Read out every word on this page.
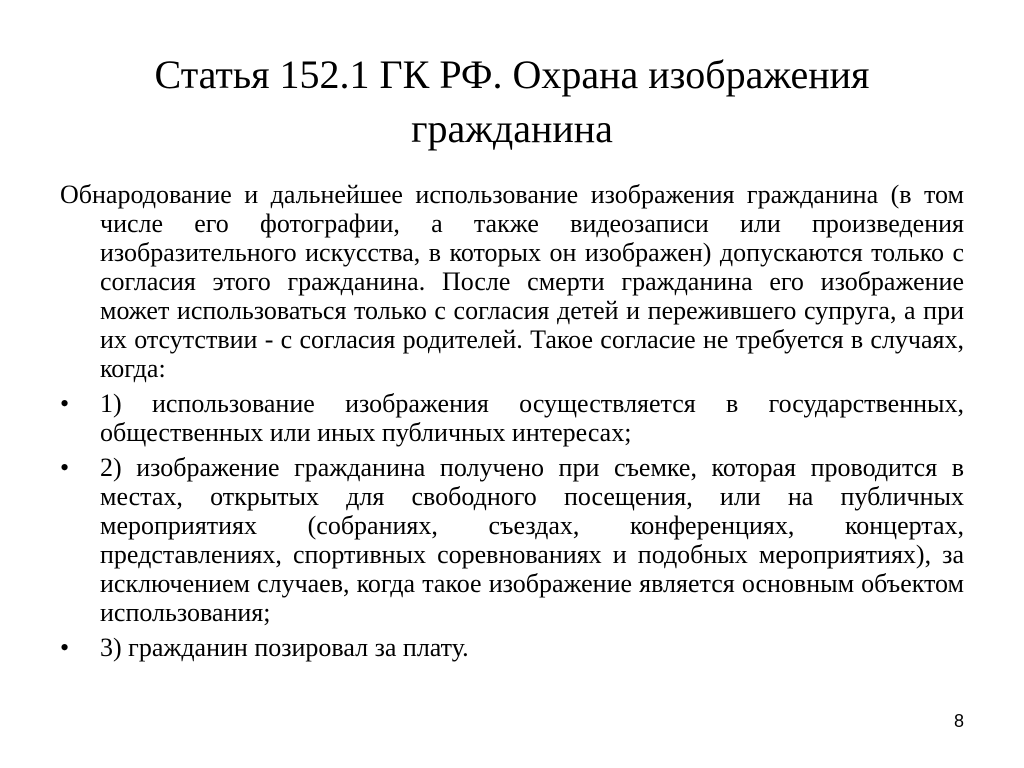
Статья 152.1 ГК РФ. Охрана изображения гражданина

Обнародование и дальнейшее использование изображения гражданина (в том числе его фотографии, а также видеозаписи или произведения изобразительного искусства, в которых он изображен) допускаются только с согласия этого гражданина. После смерти гражданина его изображение может использоваться только с согласия детей и пережившего супруга, а при их отсутствии - с согласия родителей. Такое согласие не требуется в случаях, когда:

•	1) использование изображения осуществляется в государственных, общественных или иных публичных интересах;
•	2) изображение гражданина получено при съемке, которая проводится в местах, открытых для свободного посещения, или на публичных мероприятиях (собраниях, съездах, конференциях, концертах, представлениях, спортивных соревнованиях и подобных мероприятиях), за исключением случаев, когда такое изображение является основным объектом использования;
•	3) гражданин позировал за плату.
8
